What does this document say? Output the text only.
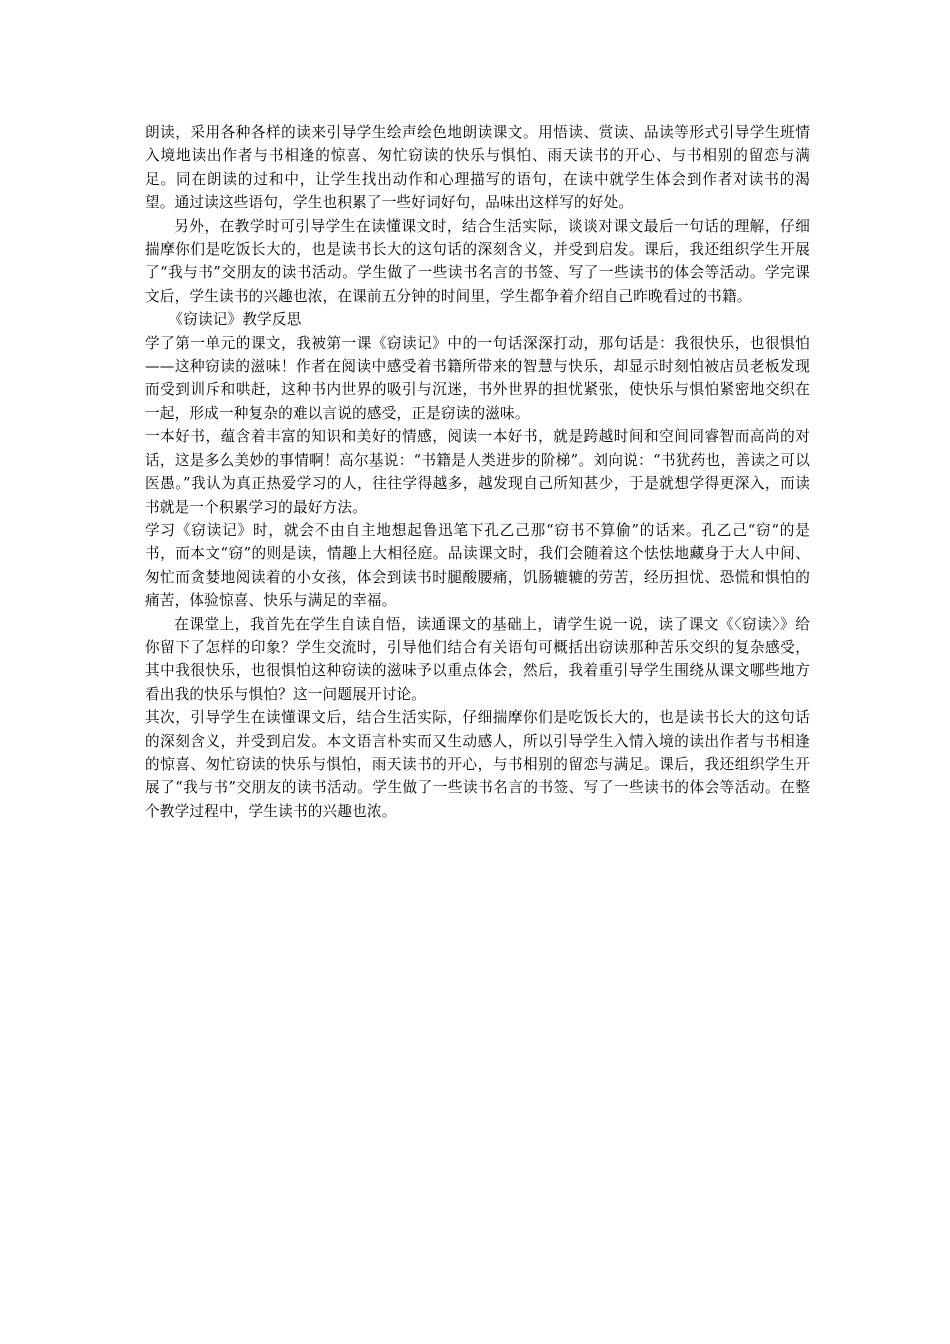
朗读，采用各种各样的读来引导学生绘声绘色地朗读课文。用悟读、赏读、品读等形式引导学生班情入境地读出作者与书相逢的惊喜、匆忙窃读的快乐与惧怕、雨天读书的开心、与书相别的留恋与满足。同在朗读的过和中，让学生找出动作和心理描写的语句，在读中就学生体会到作者对读书的渴望。通过读这些语句，学生也积累了一些好词好句，品味出这样写的好处。

另外，在教学时可引导学生在读懂课文时，结合生活实际，谈谈对课文最后一句话的理解，仔细揣摩你们是吃饭长大的，也是读书长大的这句话的深刻含义，并受到启发。课后，我还组织学生开展了“我与书”交朋友的读书活动。学生做了一些读书名言的书签、写了一些读书的体会等活动。学完课文后，学生读书的兴趣也浓，在课前五分钟的时间里，学生都争着介绍自己昨晚看过的书籍。

《窃读记》教学反思

学了第一单元的课文，我被第一课《窃读记》中的一句话深深打动，那句话是：我很快乐，也很惧怕——这种窃读的滋味！作者在阅读中感受着书籍所带来的智慧与快乐，却显示时刻怕被店员老板发现而受到训斥和哄赶，这种书内世界的吸引与沉迷，书外世界的担忧紧张，使快乐与惧怕紧密地交织在一起，形成一种复杂的难以言说的感受，正是窃读的滋味。

一本好书，蕴含着丰富的知识和美好的情感，阅读一本好书，就是跨越时间和空间同睿智而高尚的对话，这是多么美妙的事情啊！高尔基说：“书籍是人类进步的阶梯”。刘向说：“书犹药也，善读之可以医愚。”我认为真正热爱学习的人，往往学得越多，越发现自己所知甚少，于是就想学得更深入，而读书就是一个积累学习的最好方法。

学习《窃读记》时，就会不由自主地想起鲁迅笔下孔乙己那“窃书不算偷”的话来。孔乙己“窃“的是书，而本文“窃”的则是读，情趣上大相径庭。品读课文时，我们会随着这个怯怯地藏身于大人中间、匆忙而贪婪地阅读着的小女孩，体会到读书时腿酸腰痛，饥肠辘辘的劳苦，经历担忧、恐慌和惧怕的痛苦，体验惊喜、快乐与满足的幸福。

在课堂上，我首先在学生自读自悟，读通课文的基础上，请学生说一说，读了课文《〈窃读〉》给你留下了怎样的印象？学生交流时，引导他们结合有关语句可概括出窃读那种苦乐交织的复杂感受，其中我很快乐，也很惧怕这种窃读的滋味予以重点体会，然后，我着重引导学生围绕从课文哪些地方看出我的快乐与惧怕？这一问题展开讨论。

其次，引导学生在读懂课文后，结合生活实际，仔细揣摩你们是吃饭长大的，也是读书长大的这句话的深刻含义，并受到启发。本文语言朴实而又生动感人，所以引导学生入情入境的读出作者与书相逢的惊喜、匆忙窃读的快乐与惧怕，雨天读书的开心，与书相别的留恋与满足。课后，我还组织学生开展了“我与书”交朋友的读书活动。学生做了一些读书名言的书签、写了一些读书的体会等活动。在整个教学过程中，学生读书的兴趣也浓。
